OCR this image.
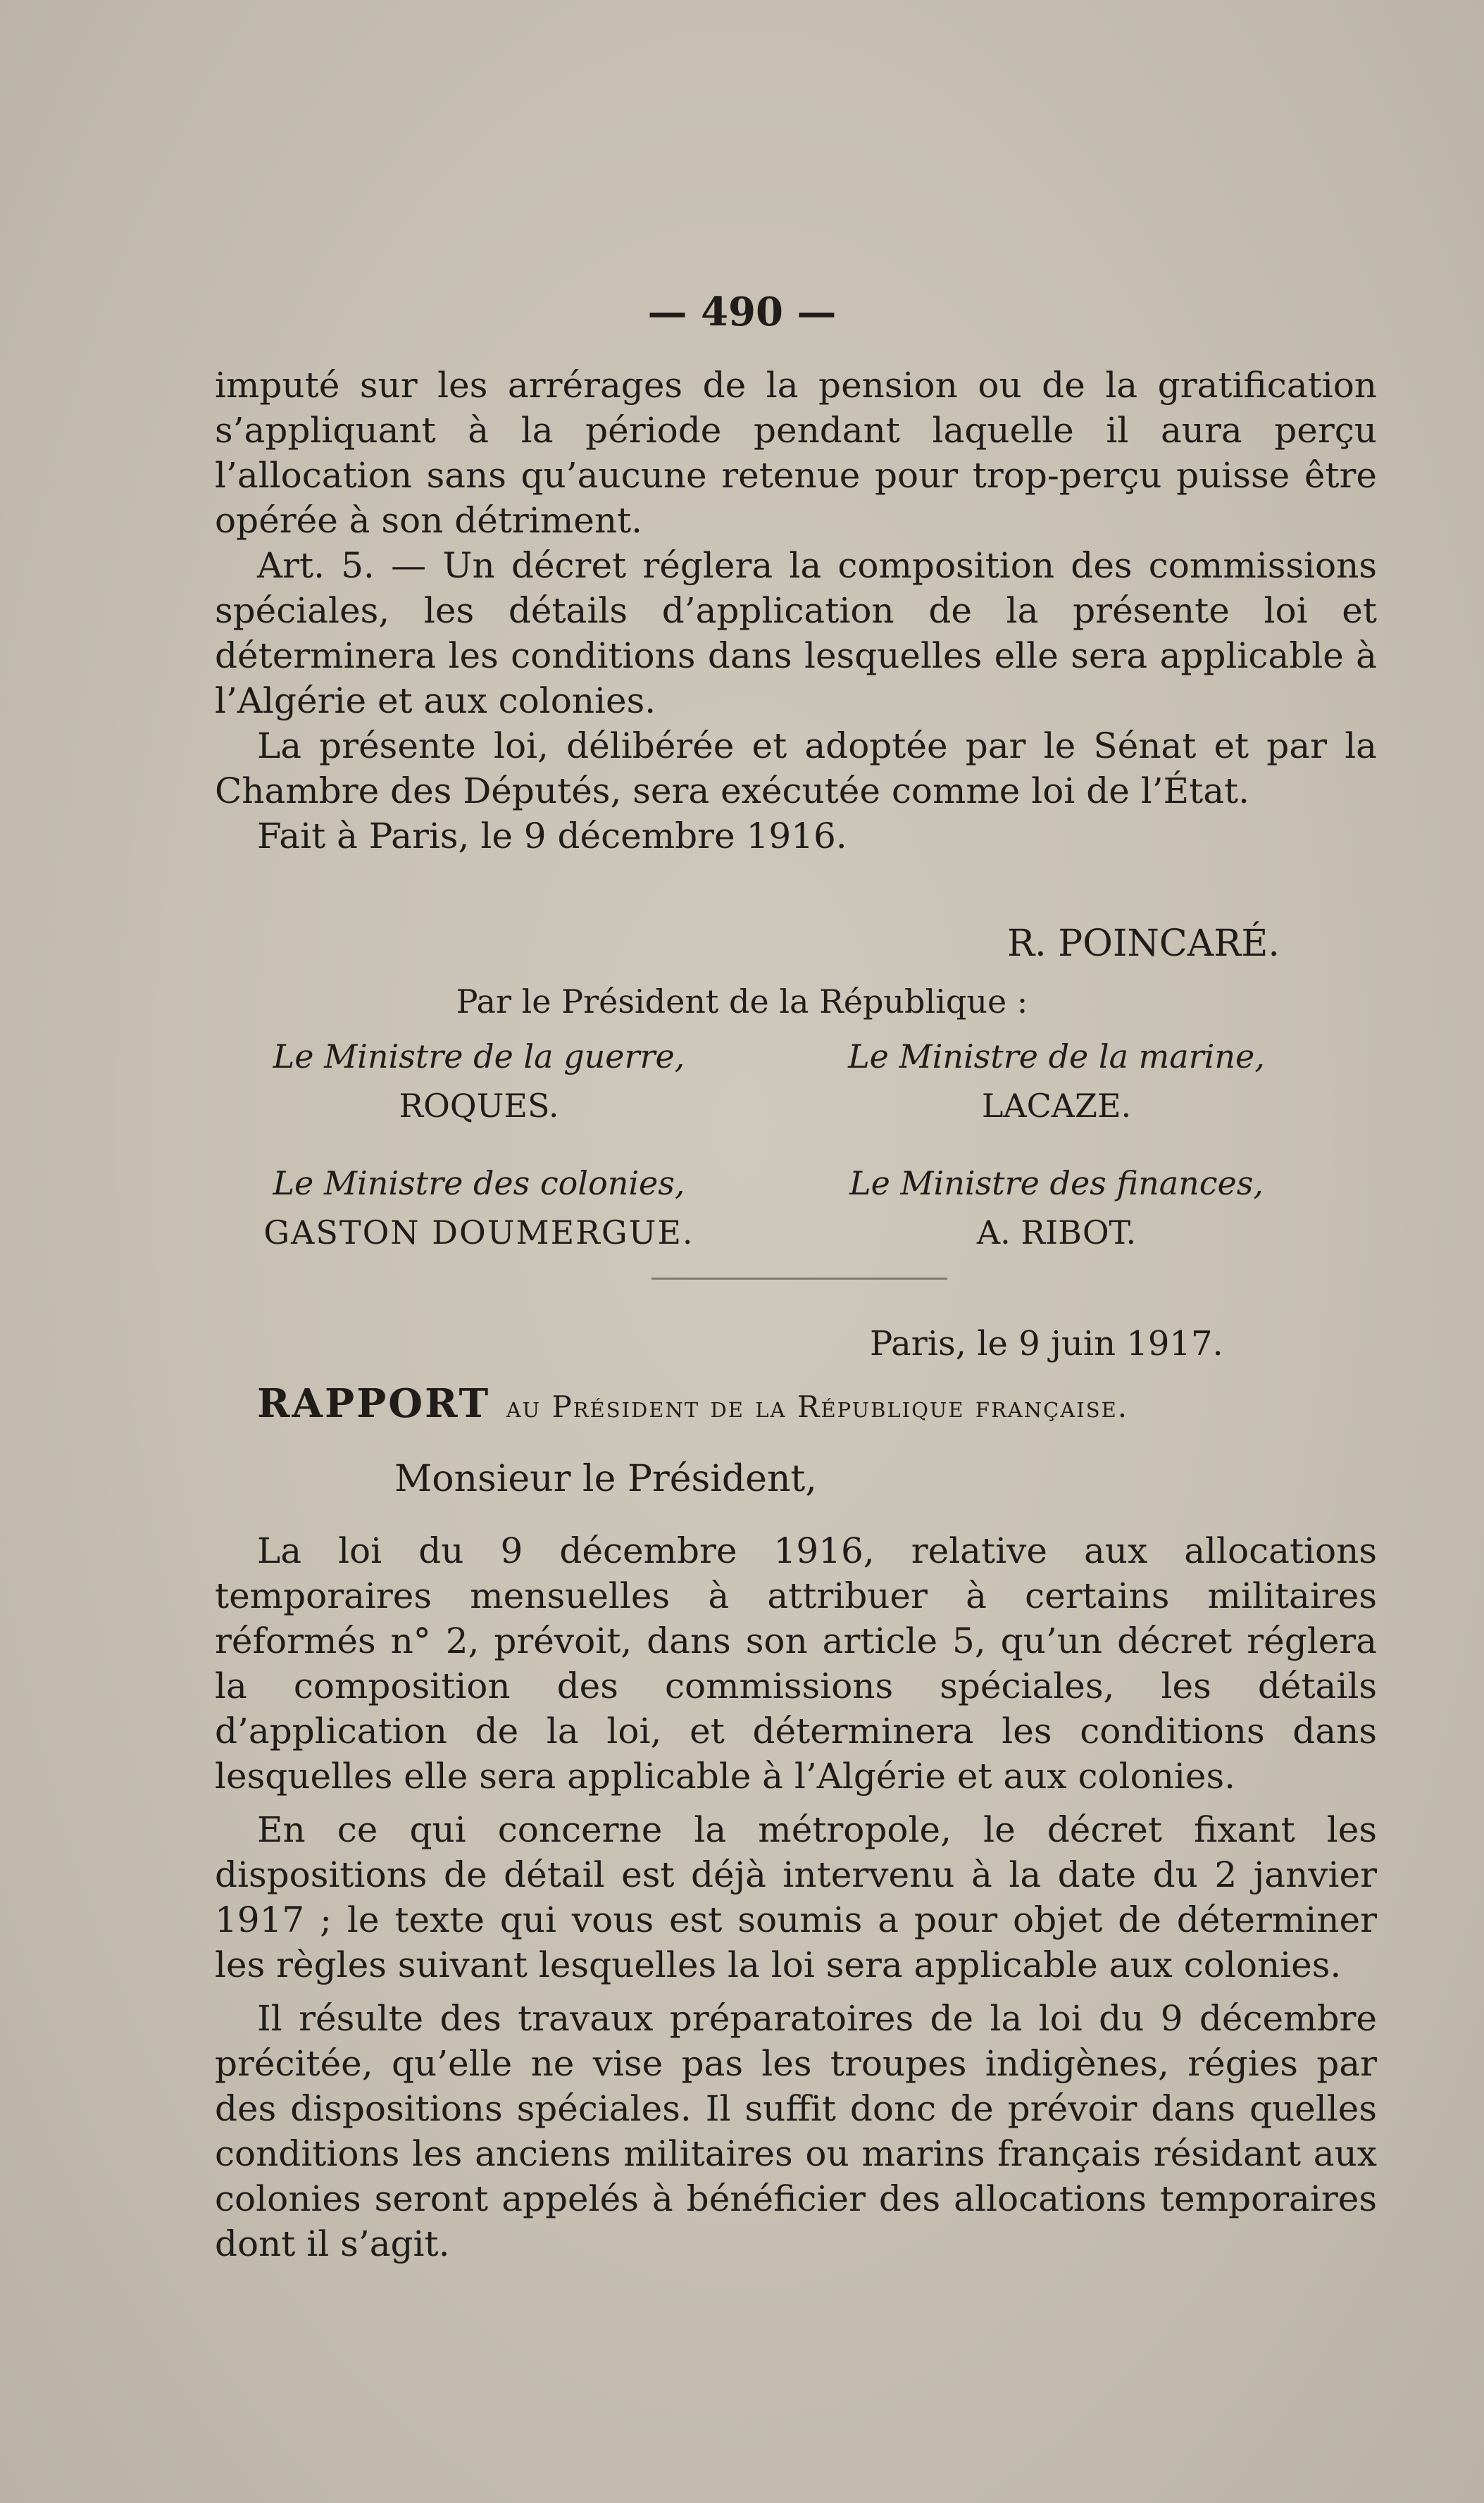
— 490 —

imputé sur les arrérages de la pension ou de la gratification s’appliquant à la période pendant laquelle il aura perçu l’allocation sans qu’aucune retenue pour trop-perçu puisse être opérée à son détriment.

Art. 5. — Un décret réglera la composition des commissions spéciales, les détails d’application de la présente loi et déterminera les conditions dans lesquelles elle sera applicable à l’Algérie et aux colonies.

La présente loi, délibérée et adoptée par le Sénat et par la Chambre des Députés, sera exécutée comme loi de l’État.

Fait à Paris, le 9 décembre 1916.

R. POINCARÉ.
Par le Président de la République :
Le Ministre de la guerre,
ROQUES.
Le Ministre de la marine,
LACAZE.
Le Ministre des colonies,
GASTON DOUMERGUE.
Le Ministre des finances,
A. RIBOT.
Paris, le 9 juin 1917.
RAPPORT au Président de la République française.
Monsieur le Président,

La loi du 9 décembre 1916, relative aux allocations temporaires mensuelles à attribuer à certains militaires réformés n° 2, prévoit, dans son article 5, qu’un décret réglera la composition des commissions spéciales, les détails d’application de la loi, et déterminera les conditions dans lesquelles elle sera applicable à l’Algérie et aux colonies.

En ce qui concerne la métropole, le décret fixant les dispositions de détail est déjà intervenu à la date du 2 janvier 1917 ; le texte qui vous est soumis a pour objet de déterminer les règles suivant lesquelles la loi sera applicable aux colonies.

Il résulte des travaux préparatoires de la loi du 9 décembre précitée, qu’elle ne vise pas les troupes indigènes, régies par des dispositions spéciales. Il suffit donc de prévoir dans quelles conditions les anciens militaires ou marins français résidant aux colonies seront appelés à bénéficier des allocations temporaires dont il s’agit.
